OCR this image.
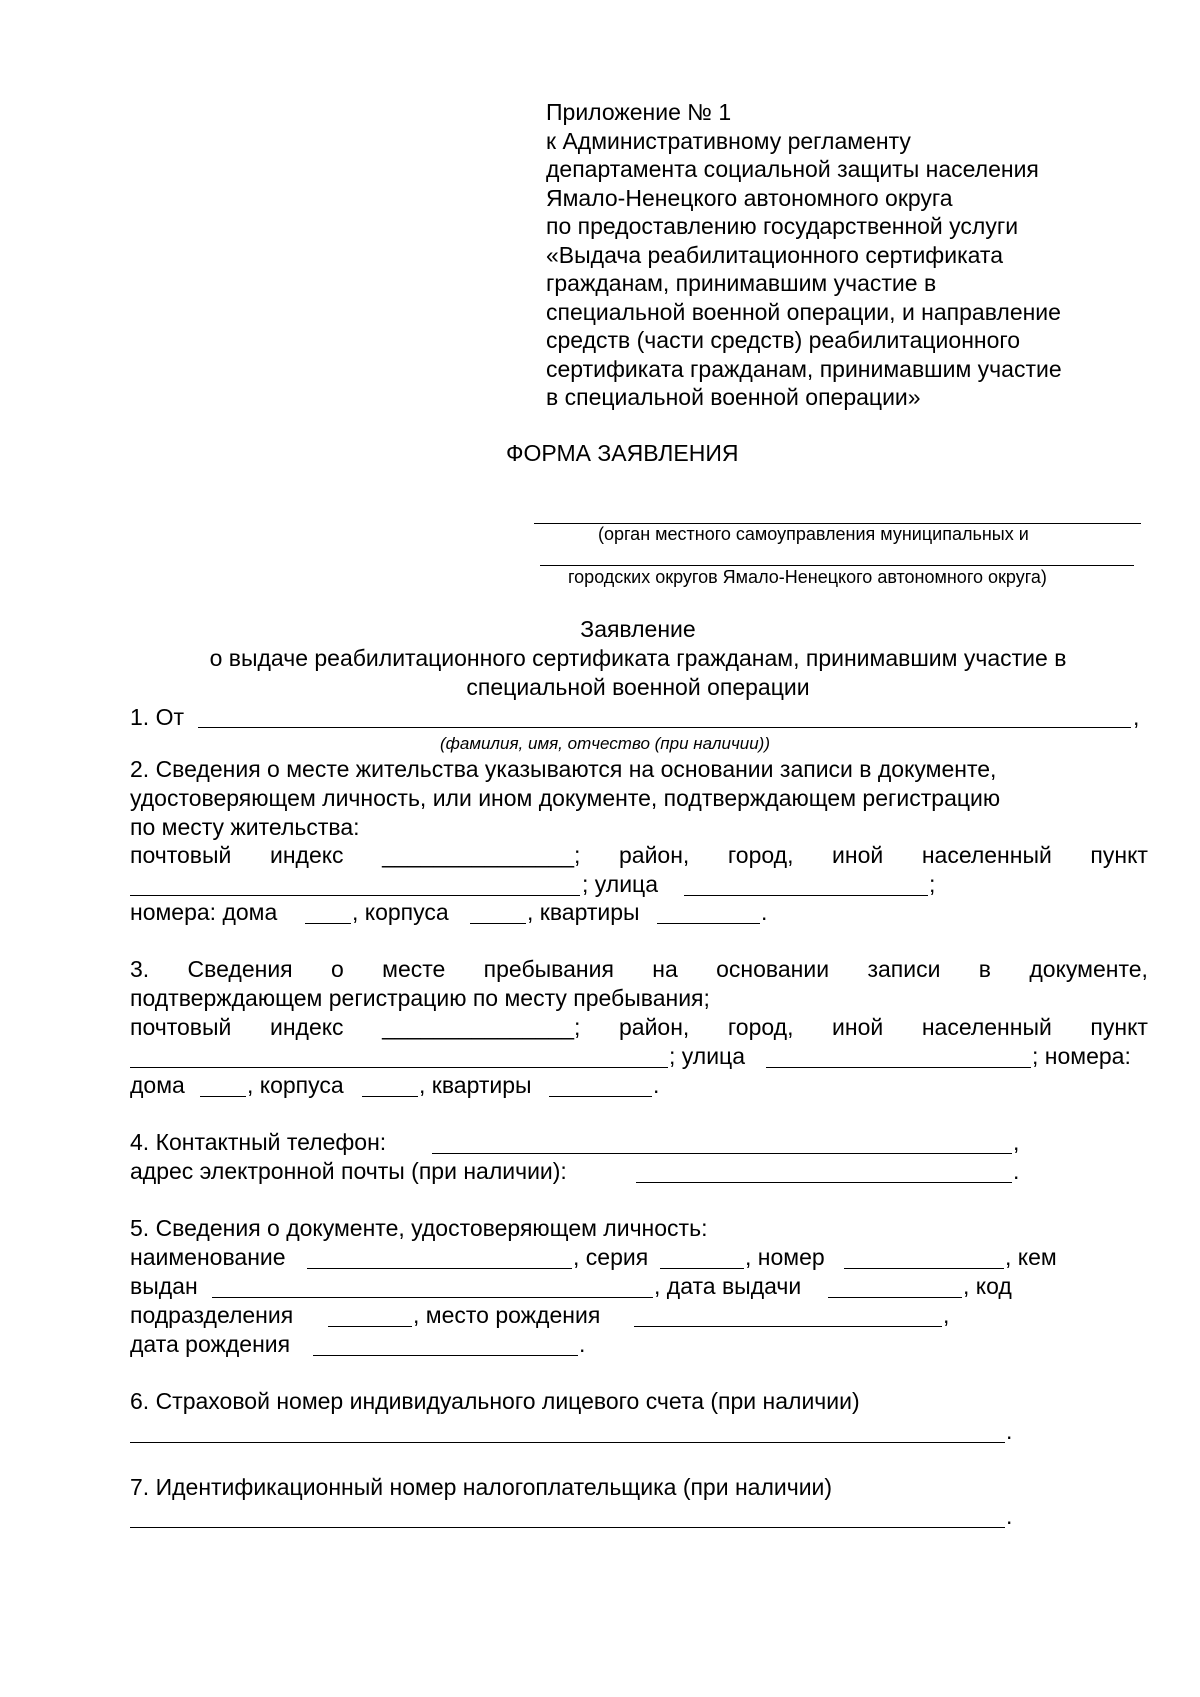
Приложение № 1
к Административному регламенту
департамента социальной защиты населения
Ямало-Ненецкого автономного округа
по предоставлению государственной услуги
«Выдача реабилитационного сертификата
гражданам, принимавшим участие в
специальной военной операции, и направление
средств (части средств) реабилитационного
сертификата гражданам, принимавшим участие
в специальной военной операции»
ФОРМА ЗАЯВЛЕНИЯ
(орган местного самоуправления муниципальных и
городских округов Ямало-Ненецкого автономного округа)
Заявление
о выдаче реабилитационного сертификата гражданам, принимавшим участие в
специальной военной операции
1. От	,
(фамилия, имя, отчество (при наличии))
2. Сведения о месте жительства указываются на основании записи в документе,
удостоверяющем личность, или ином документе, подтверждающем регистрацию
по месту жительства:
почтовый индекс _______________; район, город, иной населенный пункт
; улица	;
номера: дома	, корпуса	, квартиры	.
3. Сведения о месте пребывания на основании записи в документе,
подтверждающем регистрацию по месту пребывания;
почтовый индекс _______________; район, город, иной населенный пункт
; улица	; номера:
дома	, корпуса	, квартиры	.
4. Контактный телефон:	,
адрес электронной почты (при наличии):	.
5. Сведения о документе, удостоверяющем личность:
наименование	, серия	, номер	, кем
выдан	, дата выдачи	, код
подразделения	, место рождения	,
дата рождения	.
6. Страховой номер индивидуального лицевого счета (при наличии)
.
7. Идентификационный номер налогоплательщика (при наличии)
.
